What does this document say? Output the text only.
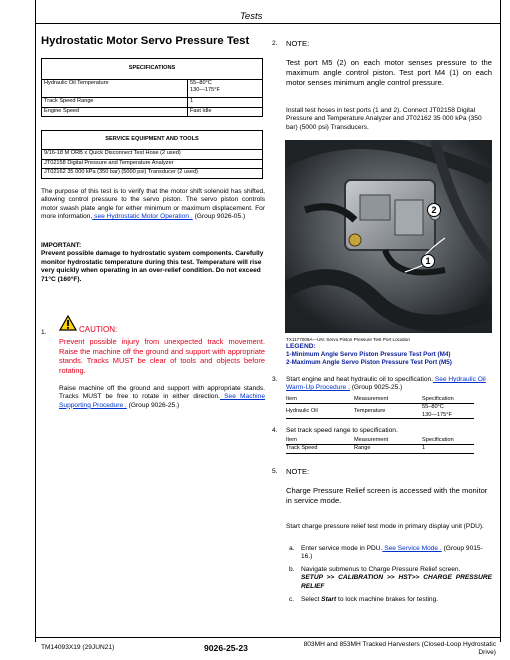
Tests
Hydrostatic Motor Servo Pressure Test
SPECIFICATIONS	
Hydraulic Oil Temperature	55–80°C
130—175°F

Track Speed Range	1
Engine Speed	Fast Idle
SERVICE EQUIPMENT AND TOOLS
9/16-18 M ORB x Quick Disconnect Test Hose (2 used)
JT02158 Digital Pressure and Temperature Analyzer
JT02162 35 000 kPa (350 bar) (5000 psi) Transducer (2 used)
The purpose of this test is to verify that the motor shift solenoid has shifted, allowing control pressure to the servo piston. The servo piston controls motor swash plate angle for either minimum or maximum displacement. For more information, see Hydrostatic Motor Operation . (Group 9026-05.)
IMPORTANT:
Prevent possible damage to hydrostatic system components. Carefully monitor hydrostatic temperature during this test. Temperature will rise very quickly when operating in an over-relief condition. Do not exceed 71°C (160°F).
1.	CAUTION:
Prevent possible injury from unexpected track movement. Raise the machine off the ground and support with appropriate stands. Tracks MUST be clear of tools and objects before rotating.
Raise machine off the ground and support with appropriate stands. Tracks MUST be free to rotate in either direction. See Machine Supporting Procedure . (Group 9026-25.)
2. NOTE:
Test port M5 (2) on each motor senses pressure to the maximum angle control piston. Test port M4 (1) on each motor senses minimum angle control pressure.
Install test hoses in test ports (1 and 2). Connect JT02158 Digital Pressure and Temperature Analyzer and JT02162 35 000 kPa (350 bar) (5000 psi) Transducers.
2
1
TX1177009A—UN: Servo Piston Pressure Test Port Location
LEGEND:
1-Minimum Angle Servo Piston Pressure Test Port (M4)
2-Maximum Angle Servo Piston Pressure Test Port (M5)
3. Start engine and heat hydraulic oil to specification. See Hydraulic Oil Warm-Up Procedure . (Group 9025-25.)
Item	Measurement	Specification
Hydraulic Oil	Temperature	55–80°C
130—175°F
4. Set track speed range to specification.
Item	Measurement	Specification
Track Speed	Range	1
5. NOTE:
Charge Pressure Relief screen is accessed with the monitor in service mode.
Start charge pressure relief test mode in primary display unit (PDU).
a. Enter service mode in PDU. See Service Mode . (Group 9015-16.)
b. Navigate submenus to Charge Pressure Relief screen.
SETUP >> CALIBRATION >> HST>> CHARGE PRESSURE RELIEF
c. Select Start to lock machine brakes for testing.
TM14093X19 (29JUN21)	9026-25-23	803MH and 853MH Tracked Harvesters (Closed-Loop Hydrostatic Drive)
